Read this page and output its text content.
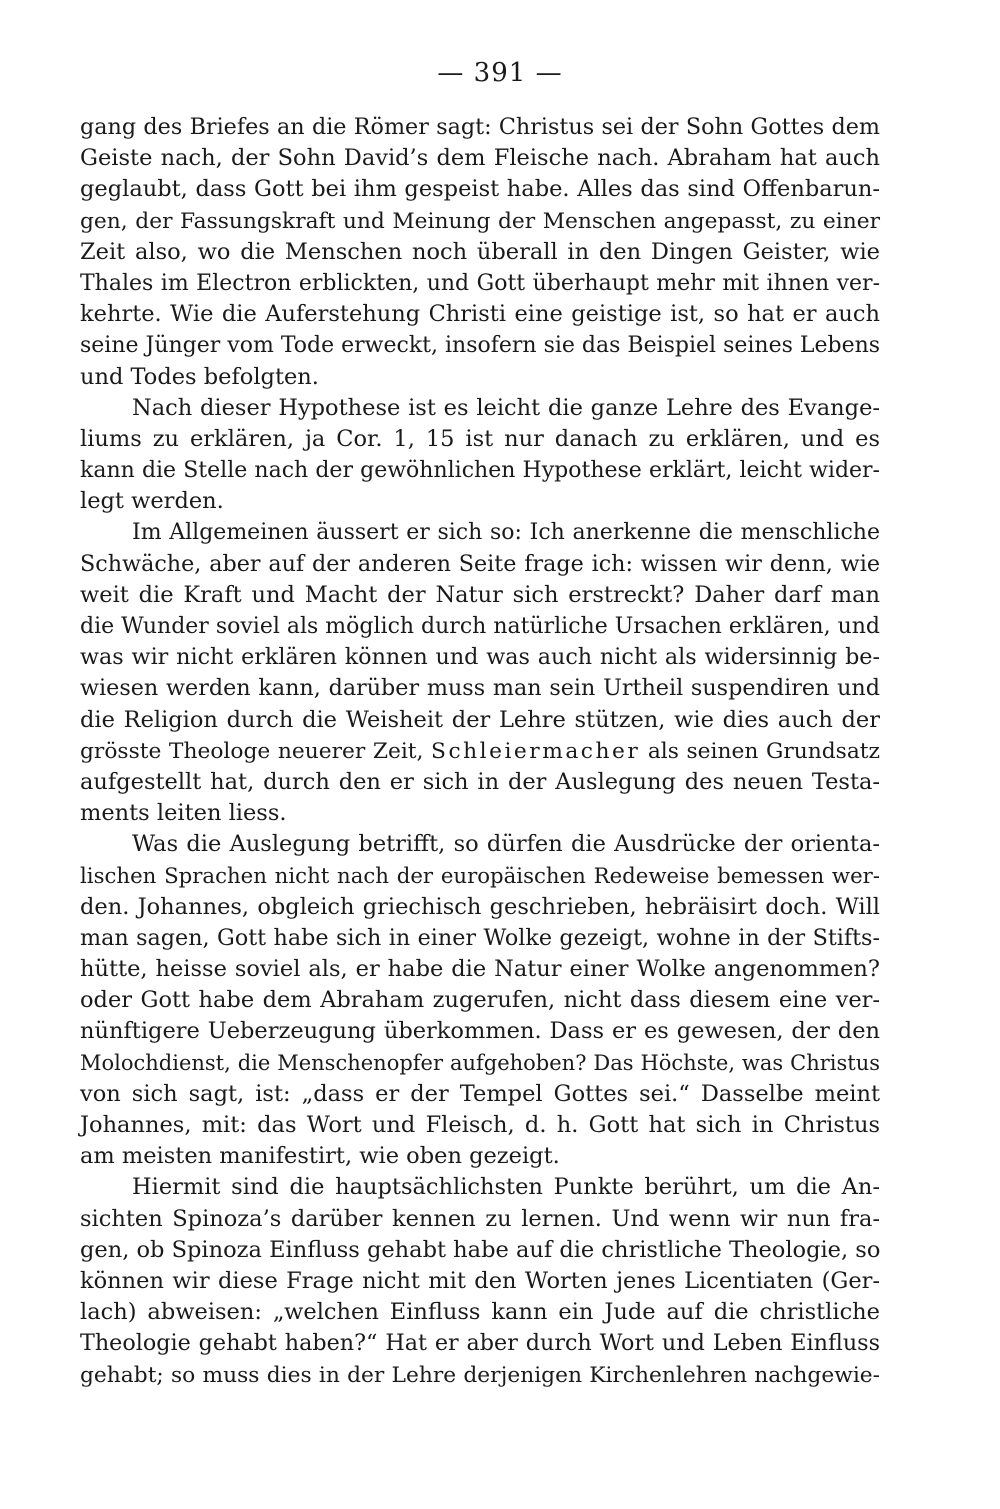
— 391 —
gang des Briefes an die Römer sagt: Christus sei der Sohn Gottes dem
Geiste nach, der Sohn David’s dem Fleische nach. Abraham hat auch
geglaubt, dass Gott bei ihm gespeist habe. Alles das sind Offenbarun-
gen, der Fassungskraft und Meinung der Menschen angepasst, zu einer
Zeit also, wo die Menschen noch überall in den Dingen Geister, wie
Thales im Electron erblickten, und Gott überhaupt mehr mit ihnen ver-
kehrte. Wie die Auferstehung Christi eine geistige ist, so hat er auch
seine Jünger vom Tode erweckt, insofern sie das Beispiel seines Lebens
und Todes befolgten.
Nach dieser Hypothese ist es leicht die ganze Lehre des Evange-
liums zu erklären, ja Cor. 1, 15 ist nur danach zu erklären, und es
kann die Stelle nach der gewöhnlichen Hypothese erklärt, leicht wider-
legt werden.
Im Allgemeinen äussert er sich so: Ich anerkenne die menschliche
Schwäche, aber auf der anderen Seite frage ich: wissen wir denn, wie
weit die Kraft und Macht der Natur sich erstreckt? Daher darf man
die Wunder soviel als möglich durch natürliche Ursachen erklären, und
was wir nicht erklären können und was auch nicht als widersinnig be-
wiesen werden kann, darüber muss man sein Urtheil suspendiren und
die Religion durch die Weisheit der Lehre stützen, wie dies auch der
grösste Theologe neuerer Zeit, Schleiermacher als seinen Grundsatz
aufgestellt hat, durch den er sich in der Auslegung des neuen Testa-
ments leiten liess.
Was die Auslegung betrifft, so dürfen die Ausdrücke der orienta-
lischen Sprachen nicht nach der europäischen Redeweise bemessen wer-
den. Johannes, obgleich griechisch geschrieben, hebräisirt doch. Will
man sagen, Gott habe sich in einer Wolke gezeigt, wohne in der Stifts-
hütte, heisse soviel als, er habe die Natur einer Wolke angenommen?
oder Gott habe dem Abraham zugerufen, nicht dass diesem eine ver-
nünftigere Ueberzeugung überkommen. Dass er es gewesen, der den
Molochdienst, die Menschenopfer aufgehoben? Das Höchste, was Christus
von sich sagt, ist: „dass er der Tempel Gottes sei.“ Dasselbe meint
Johannes, mit: das Wort und Fleisch, d. h. Gott hat sich in Christus
am meisten manifestirt, wie oben gezeigt.
Hiermit sind die hauptsächlichsten Punkte berührt, um die An-
sichten Spinoza’s darüber kennen zu lernen. Und wenn wir nun fra-
gen, ob Spinoza Einfluss gehabt habe auf die christliche Theologie, so
können wir diese Frage nicht mit den Worten jenes Licentiaten (Ger-
lach) abweisen: „welchen Einfluss kann ein Jude auf die christliche
Theologie gehabt haben?“ Hat er aber durch Wort und Leben Einfluss
gehabt; so muss dies in der Lehre derjenigen Kirchenlehren nachgewie-
